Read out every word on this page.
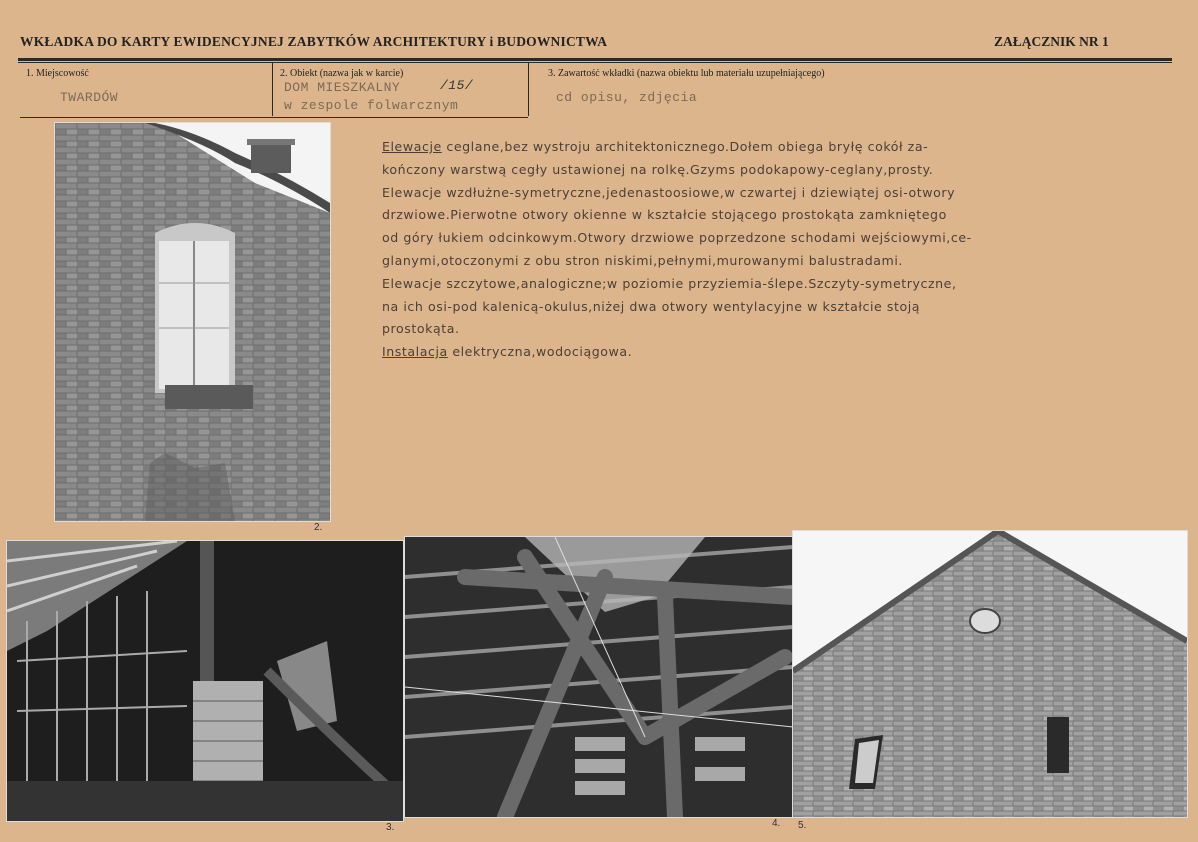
WKŁADKA DO KARTY EWIDENCYJNEJ ZABYTKÓW ARCHITEKTURY i BUDOWNICTWA	ZAŁĄCZNIK NR 1
1. Miejscowość
TWARDÓW
2. Obiekt (nazwa jak w karcie)
DOM MIESZKALNY	/15/
w zespole folwarcznym
3. Zawartość wkładki (nazwa obiektu lub materiału uzupełniającego)
cd opisu, zdjęcia
2.
3.	4. 5.
Elewacje ceglane,bez wystroju architektonicznego.Dołem obiega bryłę cokół za-
kończony warstwą cegły ustawionej na rolkę.Gzyms podokapowy-ceglany,prosty.
Elewacje wzdłużne-symetryczne,jedenastoosiowe,w czwartej i dziewiątej osi-otwory
drzwiowe.Pierwotne otwory okienne w kształcie stojącego prostokąta zamkniętego
od góry łukiem odcinkowym.Otwory drzwiowe poprzedzone schodami wejściowymi,ce-
glanymi,otoczonymi z obu stron niskimi,pełnymi,murowanymi balustradami.
Elewacje szczytowe,analogiczne;w poziomie przyziemia-ślepe.Szczyty-symetryczne,
na ich osi-pod kalenicą-okulus,niżej dwa otwory wentylacyjne w kształcie stoją
prostokąta.
Instalacja elektryczna,wodociągowa.
